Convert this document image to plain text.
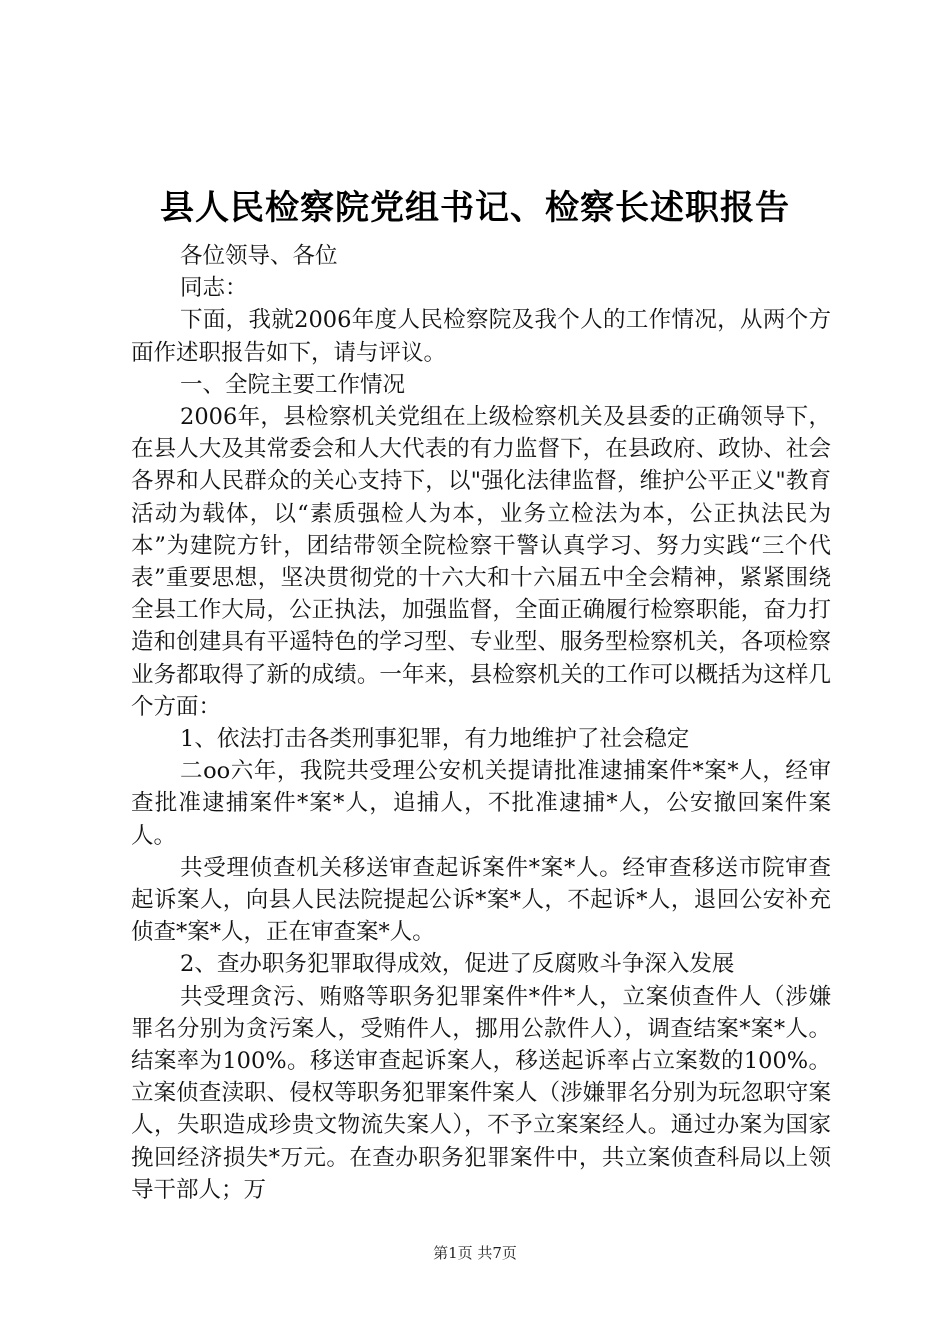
县人民检察院党组书记、检察长述职报告

各位领导、各位

同志：

下面，我就2006年度人民检察院及我个人的工作情况，从两个方面作述职报告如下，请与评议。

一、全院主要工作情况

2006年，县检察机关党组在上级检察机关及县委的正确领导下，在县人大及其常委会和人大代表的有力监督下，在县政府、政协、社会各界和人民群众的关心支持下，以"强化法律监督，维护公平正义"教育活动为载体，以“素质强检人为本，业务立检法为本，公正执法民为本”为建院方针，团结带领全院检察干警认真学习、努力实践“三个代表”重要思想，坚决贯彻党的十六大和十六届五中全会精神，紧紧围绕全县工作大局，公正执法，加强监督，全面正确履行检察职能，奋力打造和创建具有平遥特色的学习型、专业型、服务型检察机关，各项检察业务都取得了新的成绩。一年来，县检察机关的工作可以概括为这样几个方面：

1、依法打击各类刑事犯罪，有力地维护了社会稳定

二oo六年，我院共受理公安机关提请批准逮捕案件*案*人，经审查批准逮捕案件*案*人，追捕人，不批准逮捕*人，公安撤回案件案人。

共受理侦查机关移送审查起诉案件*案*人。经审查移送市院审查起诉案人，向县人民法院提起公诉*案*人，不起诉*人，退回公安补充侦查*案*人，正在审查案*人。

2、查办职务犯罪取得成效，促进了反腐败斗争深入发展

共受理贪污、贿赂等职务犯罪案件*件*人，立案侦查件人（涉嫌罪名分别为贪污案人，受贿件人，挪用公款件人），调查结案*案*人。结案率为100%。移送审查起诉案人，移送起诉率占立案数的100%。立案侦查渎职、侵权等职务犯罪案件案人（涉嫌罪名分别为玩忽职守案人，失职造成珍贵文物流失案人），不予立案案经人。通过办案为国家挽回经济损失*万元。在查办职务犯罪案件中，共立案侦查科局以上领导干部人；万

第1页 共7页
